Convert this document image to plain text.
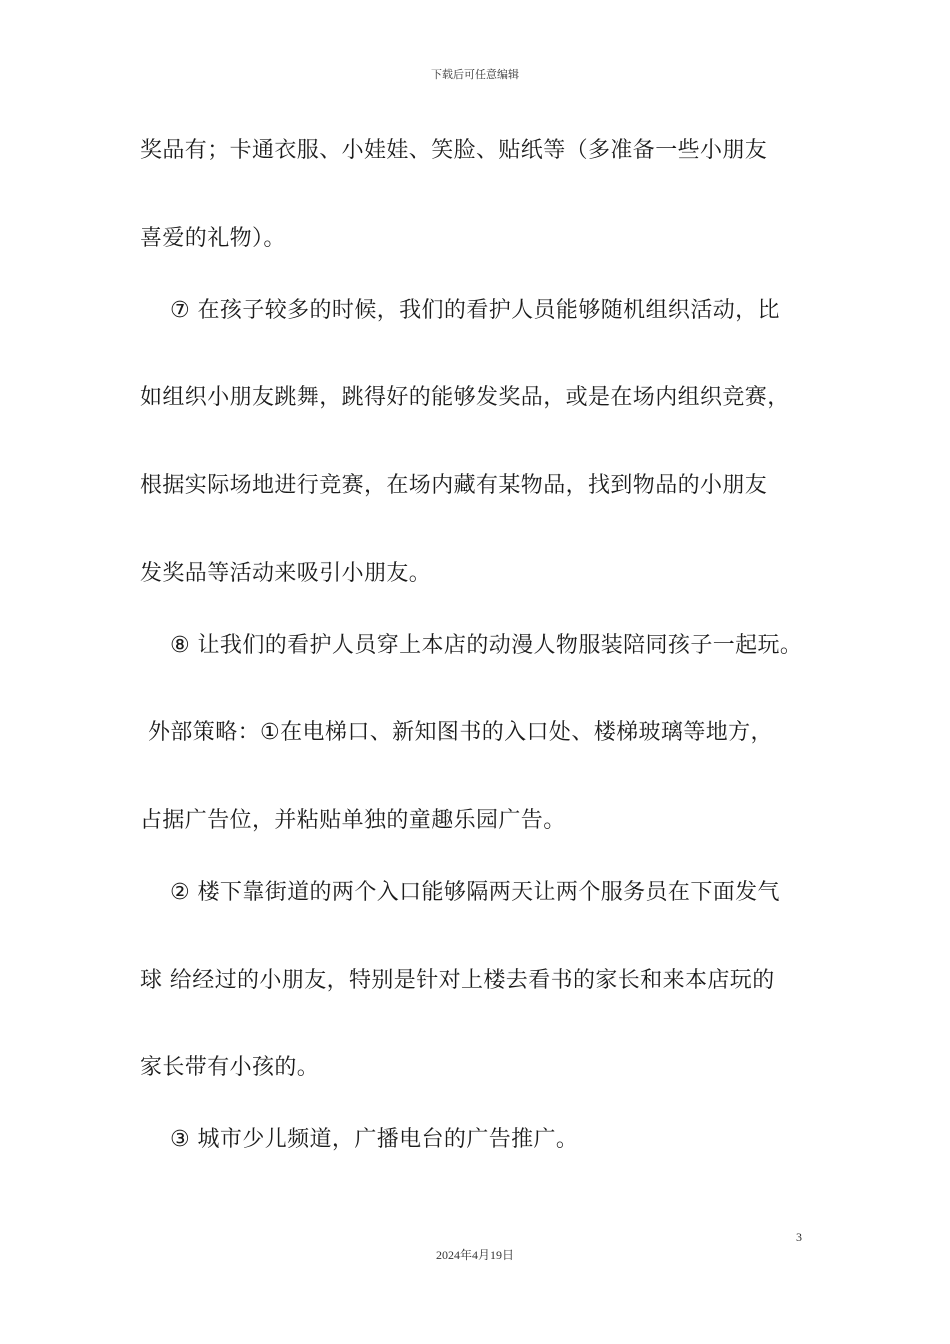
下载后可任意编辑
奖品有；卡通衣服、小娃娃、笑脸、贴纸等（多准备一些小朋友
喜爱的礼物）。
⑦ 在孩子较多的时候，我们的看护人员能够随机组织活动，比
如组织小朋友跳舞，跳得好的能够发奖品，或是在场内组织竞赛，
根据实际场地进行竞赛，在场内藏有某物品，找到物品的小朋友
发奖品等活动来吸引小朋友。
⑧ 让我们的看护人员穿上本店的动漫人物服装陪同孩子一起玩。
外部策略：①在电梯口、新知图书的入口处、楼梯玻璃等地方，
占据广告位，并粘贴单独的童趣乐园广告。
② 楼下靠街道的两个入口能够隔两天让两个服务员在下面发气
球 给经过的小朋友，特别是针对上楼去看书的家长和来本店玩的
家长带有小孩的。
③ 城市少儿频道，广播电台的广告推广。
3
2024年4月19日
